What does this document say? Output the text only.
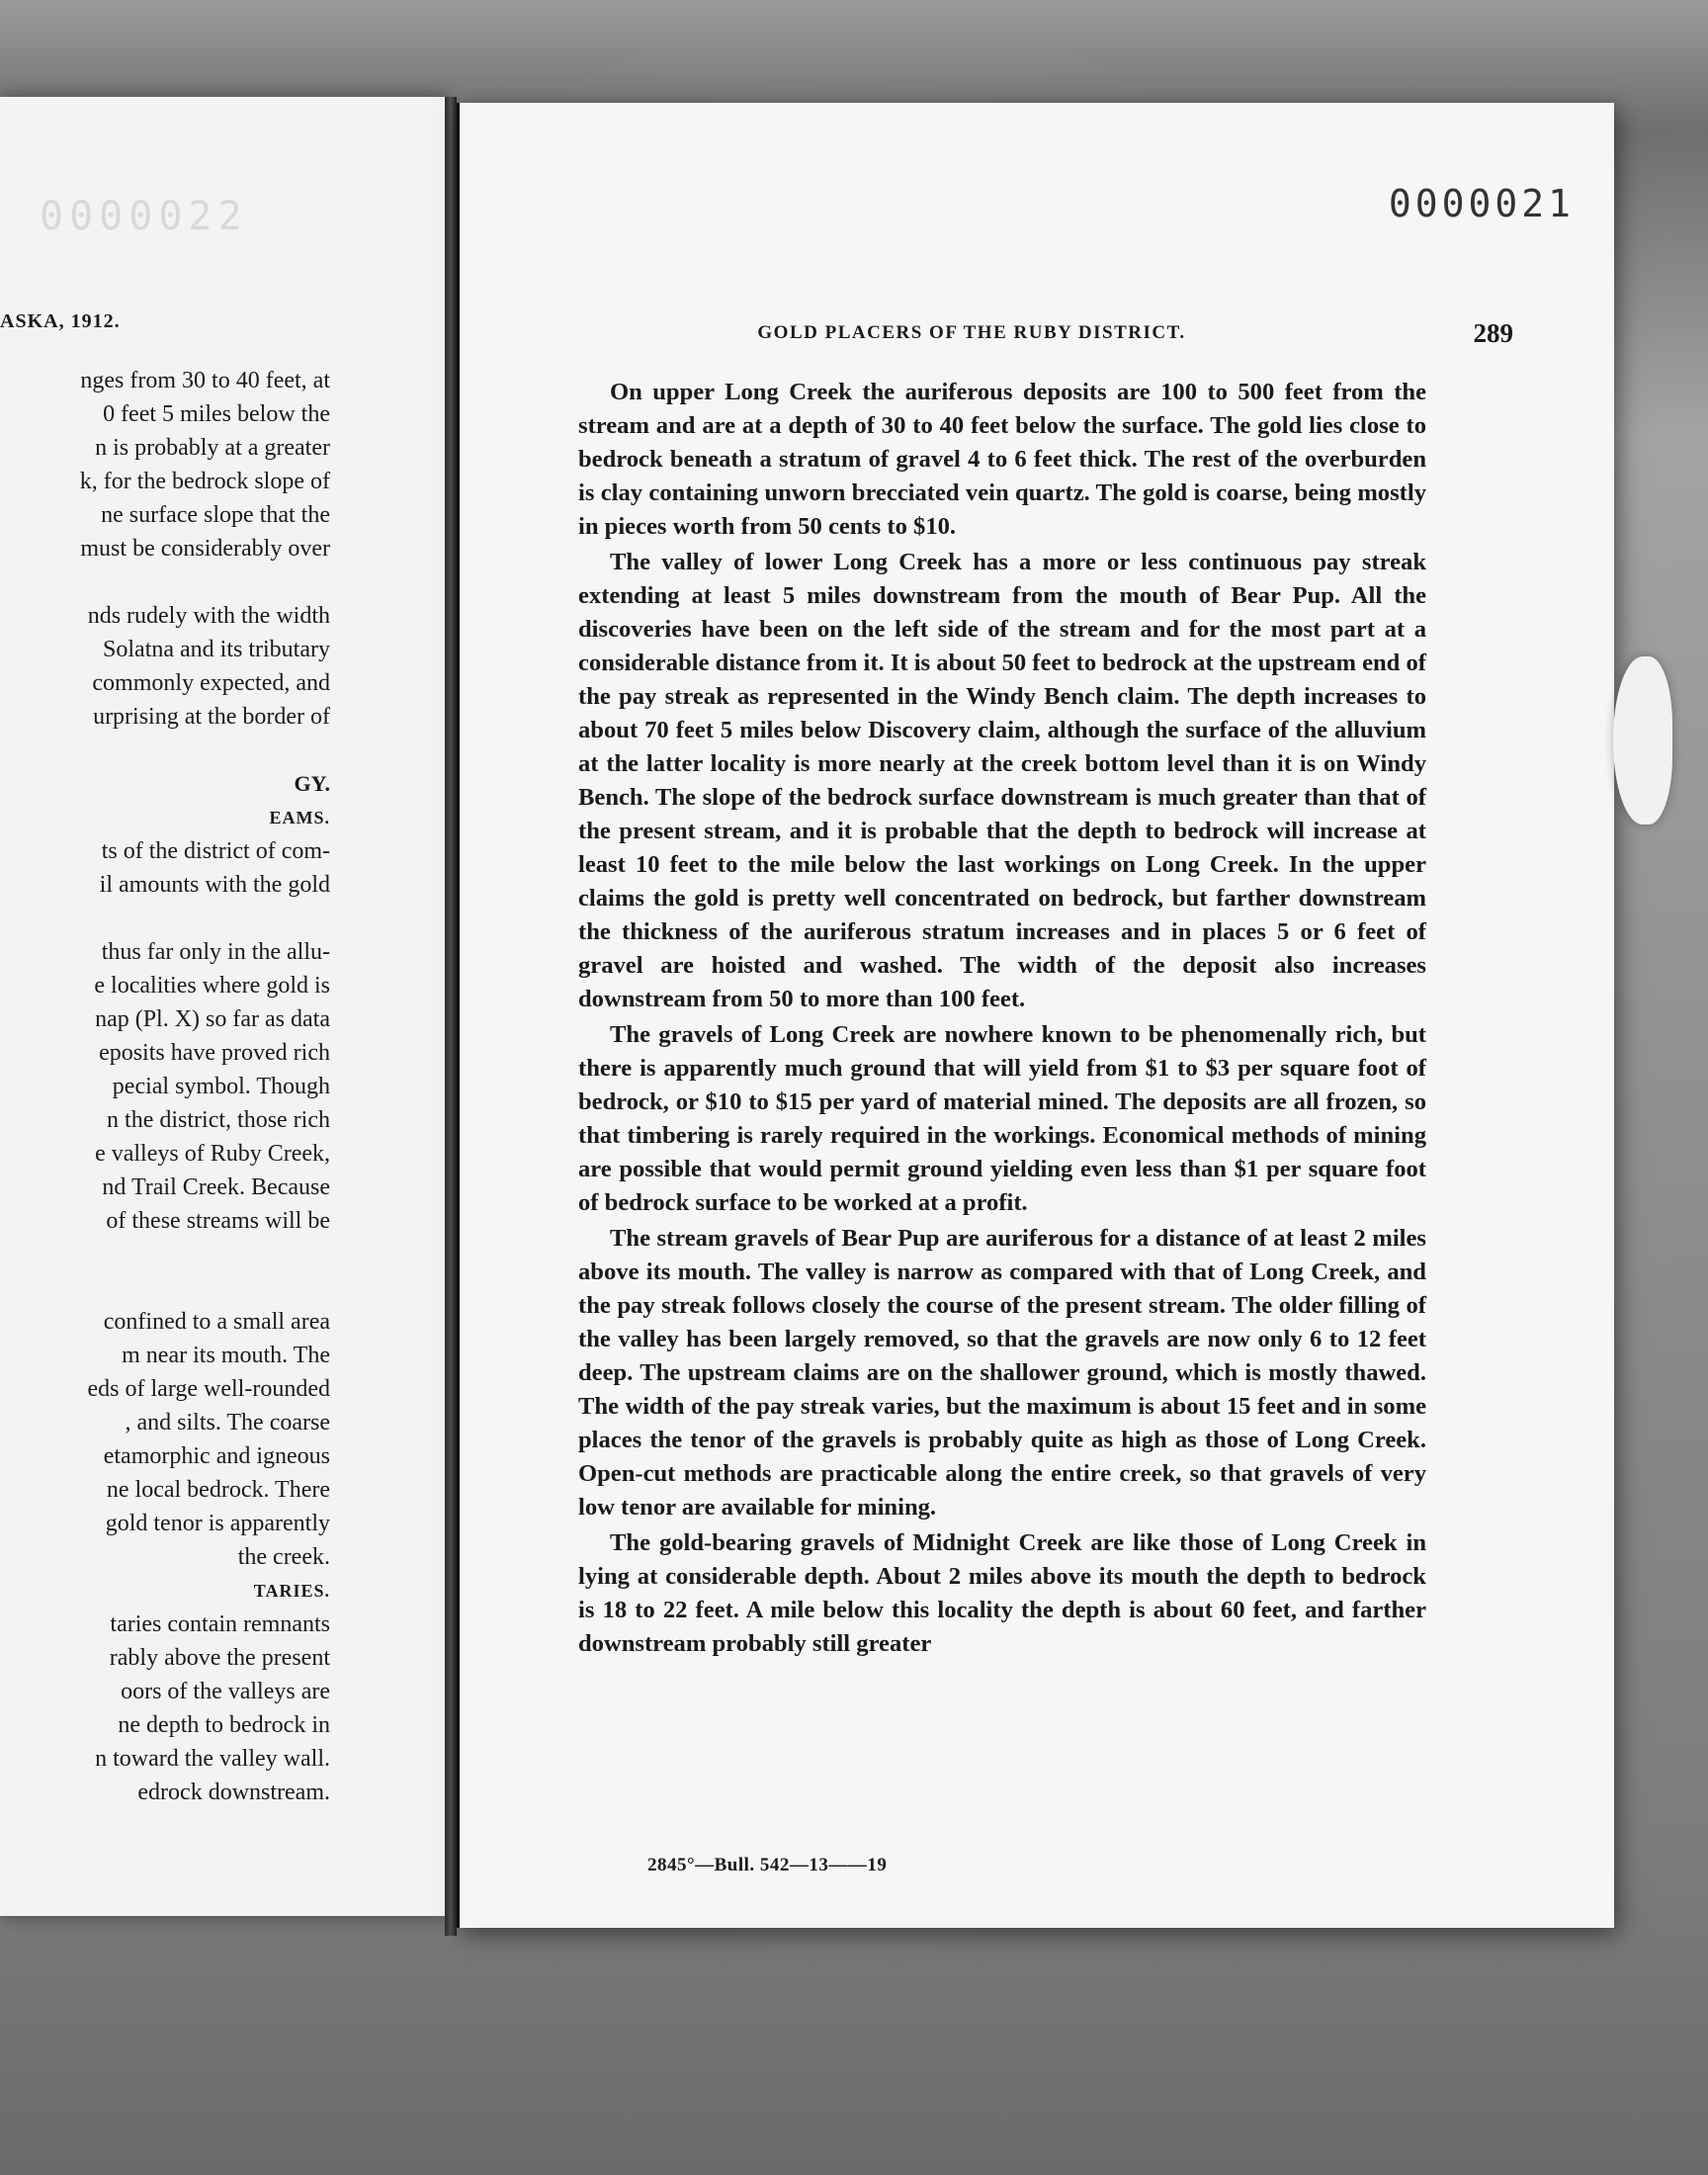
0000022
ASKA, 1912.
nges from 30 to 40 feet, at
0 feet 5 miles below the
n is probably at a greater
k, for the bedrock slope of
ne surface slope that the
must be considerably over
nds rudely with the width
Solatna and its tributary
commonly expected, and
urprising at the border of
GY.
EAMS.
ts of the district of com-
il amounts with the gold
thus far only in the allu-
e localities where gold is
nap (Pl. X) so far as data
eposits have proved rich
pecial symbol. Though
n the district, those rich
e valleys of Ruby Creek,
nd Trail Creek. Because
of these streams will be
confined to a small area
m near its mouth. The
eds of large well-rounded
, and silts. The coarse
etamorphic and igneous
ne local bedrock. There
gold tenor is apparently
the creek.
TARIES.
taries contain remnants
rably above the present
oors of the valleys are
ne depth to bedrock in
n toward the valley wall.
edrock downstream.
0000021
GOLD PLACERS OF THE RUBY DISTRICT.	289

On upper Long Creek the auriferous deposits are 100 to 500 feet from the stream and are at a depth of 30 to 40 feet below the surface. The gold lies close to bedrock beneath a stratum of gravel 4 to 6 feet thick. The rest of the overburden is clay containing unworn brecciated vein quartz. The gold is coarse, being mostly in pieces worth from 50 cents to $10.

The valley of lower Long Creek has a more or less continuous pay streak extending at least 5 miles downstream from the mouth of Bear Pup. All the discoveries have been on the left side of the stream and for the most part at a considerable distance from it. It is about 50 feet to bedrock at the upstream end of the pay streak as represented in the Windy Bench claim. The depth increases to about 70 feet 5 miles below Discovery claim, although the surface of the alluvium at the latter locality is more nearly at the creek bottom level than it is on Windy Bench. The slope of the bedrock surface downstream is much greater than that of the present stream, and it is probable that the depth to bedrock will increase at least 10 feet to the mile below the last workings on Long Creek. In the upper claims the gold is pretty well concentrated on bedrock, but farther downstream the thickness of the auriferous stratum increases and in places 5 or 6 feet of gravel are hoisted and washed. The width of the deposit also increases downstream from 50 to more than 100 feet.

The gravels of Long Creek are nowhere known to be phenomenally rich, but there is apparently much ground that will yield from $1 to $3 per square foot of bedrock, or $10 to $15 per yard of material mined. The deposits are all frozen, so that timbering is rarely required in the workings. Economical methods of mining are possible that would permit ground yielding even less than $1 per square foot of bedrock surface to be worked at a profit.

The stream gravels of Bear Pup are auriferous for a distance of at least 2 miles above its mouth. The valley is narrow as compared with that of Long Creek, and the pay streak follows closely the course of the present stream. The older filling of the valley has been largely removed, so that the gravels are now only 6 to 12 feet deep. The upstream claims are on the shallower ground, which is mostly thawed. The width of the pay streak varies, but the maximum is about 15 feet and in some places the tenor of the gravels is probably quite as high as those of Long Creek. Open-cut methods are practicable along the entire creek, so that gravels of very low tenor are available for mining.

The gold-bearing gravels of Midnight Creek are like those of Long Creek in lying at considerable depth. About 2 miles above its mouth the depth to bedrock is 18 to 22 feet. A mile below this locality the depth is about 60 feet, and farther downstream probably still greater

2845°—Bull. 542—13——19
